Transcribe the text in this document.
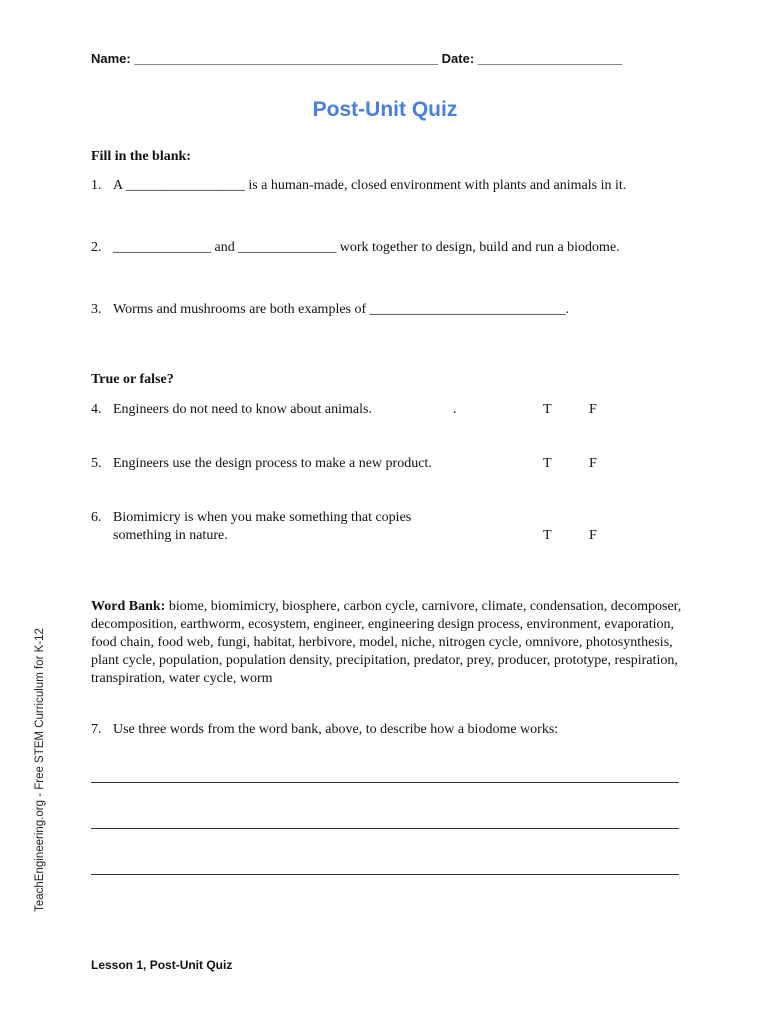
Name: __________________________________________ Date: ____________________
Post-Unit Quiz
Fill in the blank:
1. A _________________ is a human-made, closed environment with plants and animals in it.
2. ______________ and ______________ work together to design, build and run a biodome.
3. Worms and mushrooms are both examples of ____________________________.
True or false?
4. Engineers do not need to know about animals.	.	T	F
5. Engineers use the design process to make a new product.	T	F
6. Biomimicry is when you make something that copies
something in nature.	T	F
Word Bank: biome, biomimicry, biosphere, carbon cycle, carnivore, climate, condensation, decomposer, decomposition, earthworm, ecosystem, engineer, engineering design process, environment, evaporation, food chain, food web, fungi, habitat, herbivore, model, niche, nitrogen cycle, omnivore, photosynthesis, plant cycle, population, population density, precipitation, predator, prey, producer, prototype, respiration, transpiration, water cycle, worm
7. Use three words from the word bank, above, to describe how a biodome works:
TeachEngineering.org - Free STEM Curriculum for K-12
Lesson 1, Post-Unit Quiz
